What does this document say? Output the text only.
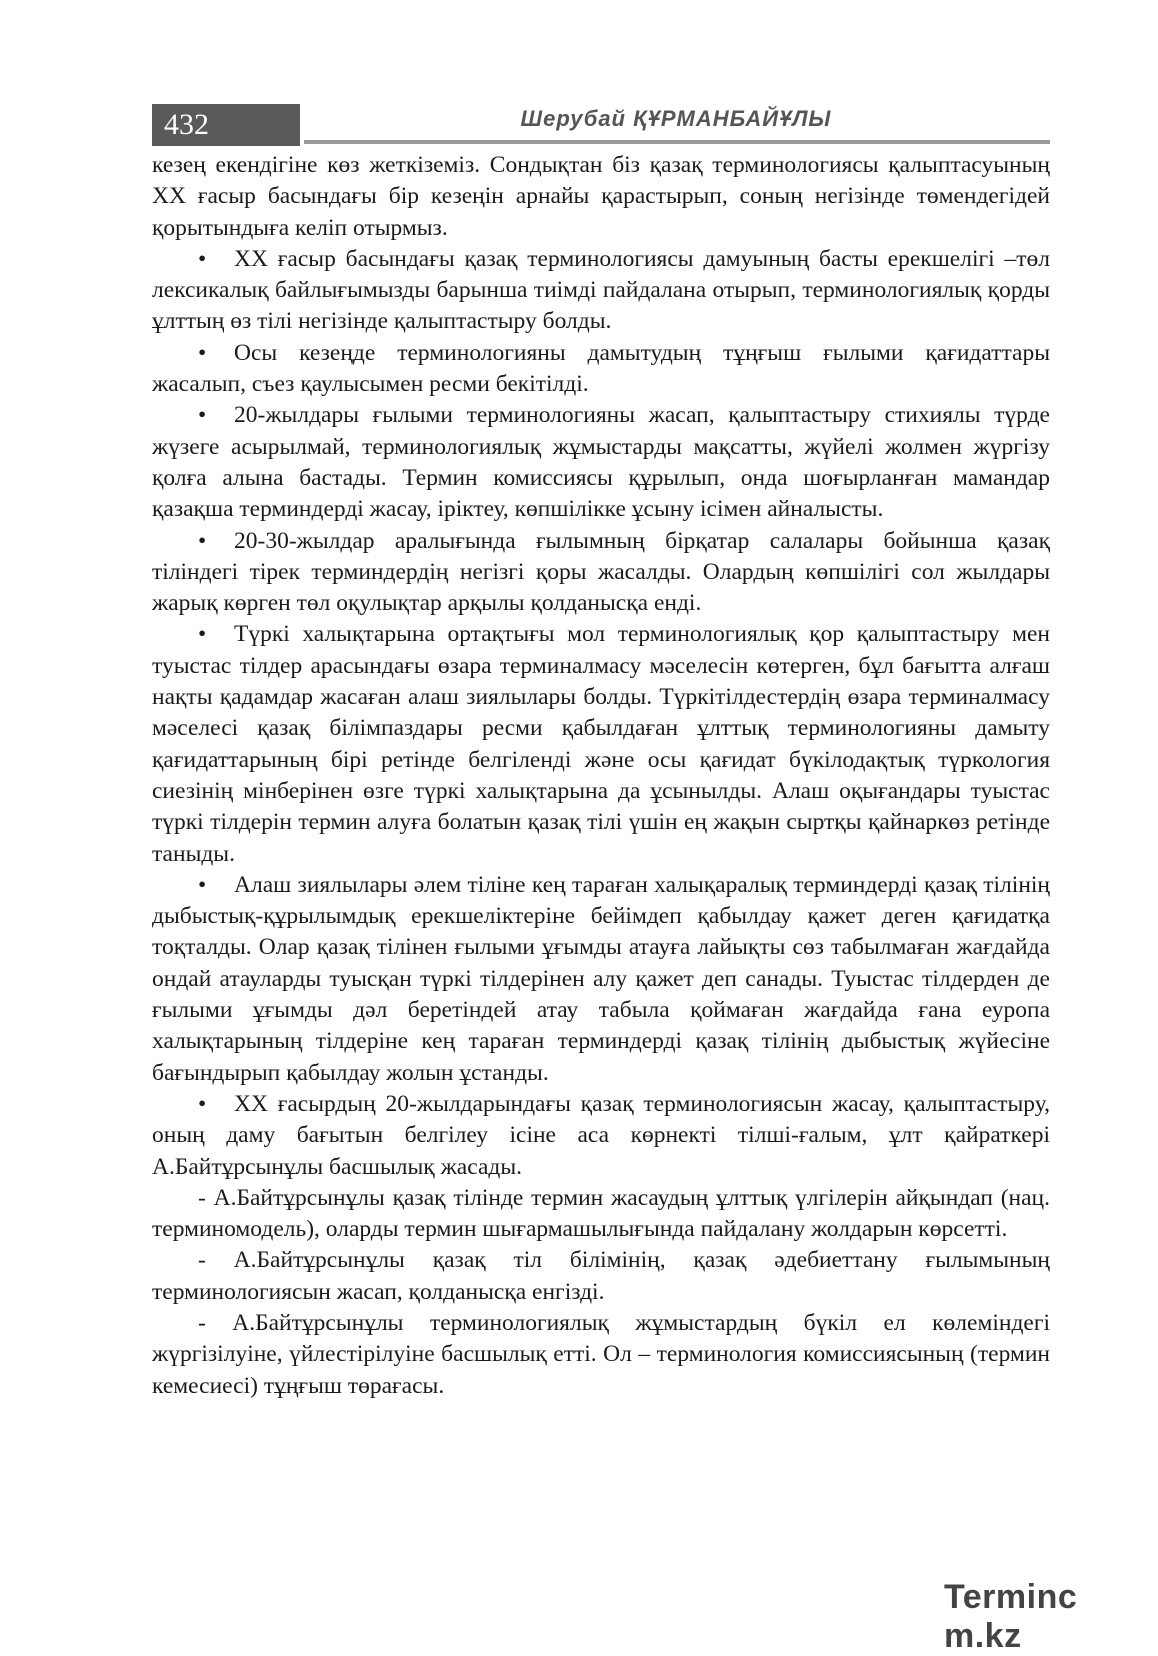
432	Шерубай ҚҰРМАНБАЙҰЛЫ

кезең екендігіне көз жеткіземіз. Сондықтан біз қазақ терминологиясы қалыптасуының ХХ ғасыр басындағы бір кезеңін арнайы қарастырып, соның негізінде төмендегідей қорытындыға келіп отырмыз.

• ХХ ғасыр басындағы қазақ терминологиясы дамуының басты ерекшелігі –төл лексикалық байлығымызды барынша тиімді пайдалана отырып, терминологиялық қорды ұлттың өз тілі негізінде қалыптастыру болды.

• Осы кезеңде терминологияны дамытудың тұңғыш ғылыми қағидаттары жасалып, съез қаулысымен ресми бекітілді.

• 20-жылдары ғылыми терминологияны жасап, қалыптастыру стихиялы түрде жүзеге асырылмай, терминологиялық жұмыстарды мақсатты, жүйелі жолмен жүргізу қолға алына бастады. Термин комиссиясы құрылып, онда шоғырланған мамандар қазақша терминдерді жасау, іріктеу, көпшілікке ұсыну ісімен айналысты.

• 20-30-жылдар аралығында ғылымның бірқатар салалары бойынша қазақ тіліндегі тірек терминдердің негізгі қоры жасалды. Олардың көпшілігі сол жылдары жарық көрген төл оқулықтар арқылы қолданысқа енді.

• Түркі халықтарына ортақтығы мол терминологиялық қор қалыптастыру мен туыстас тілдер арасындағы өзара терминалмасу мәселесін көтерген, бұл бағытта алғаш нақты қадамдар жасаған алаш зиялылары болды. Түркітілдестердің өзара терминалмасу мәселесі қазақ білімпаздары ресми қабылдаған ұлттық терминологияны дамыту қағидаттарының бірі ретінде белгіленді және осы қағидат бүкілодақтық түркология сиезінің мінберінен өзге түркі халықтарына да ұсынылды. Алаш оқығандары туыстас түркі тілдерін термин алуға болатын қазақ тілі үшін ең жақын сыртқы қайнаркөз ретінде таныды.

• Алаш зиялылары әлем тіліне кең тараған халықаралық терминдерді қазақ тілінің дыбыстық-құрылымдық ерекшеліктеріне бейімдеп қабылдау қажет деген қағидатқа тоқталды. Олар қазақ тілінен ғылыми ұғымды атауға лайықты сөз табылмаған жағдайда ондай атауларды туысқан түркі тілдерінен алу қажет деп санады. Туыстас тілдерден де ғылыми ұғымды дәл беретіндей атау табыла қоймаған жағдайда ғана еуропа халықтарының тілдеріне кең тараған терминдерді қазақ тілінің дыбыстық жүйесіне бағындырып қабылдау жолын ұстанды.

• ХХ ғасырдың 20-жылдарындағы қазақ терминологиясын жасау, қалыптастыру, оның даму бағытын белгілеу ісіне аса көрнекті тілші-ғалым, ұлт қайраткері А.Байтұрсынұлы басшылық жасады.

- А.Байтұрсынұлы қазақ тілінде термин жасаудың ұлттық үлгілерін айқындап (нац. терминомодель), оларды термин шығармашылығында пайдалану жолдарын көрсетті.

- А.Байтұрсынұлы қазақ тіл білімінің, қазақ әдебиеттану ғылымының терминологиясын жасап, қолданысқа енгізді.

- А.Байтұрсынұлы терминологиялық жұмыстардың бүкіл ел көлеміндегі жүргізілуіне, үйлестірілуіне басшылық етті. Ол – терминология комиссиясының (термин кемесиесі) тұңғыш төрағасы.

Terminc m.kz
